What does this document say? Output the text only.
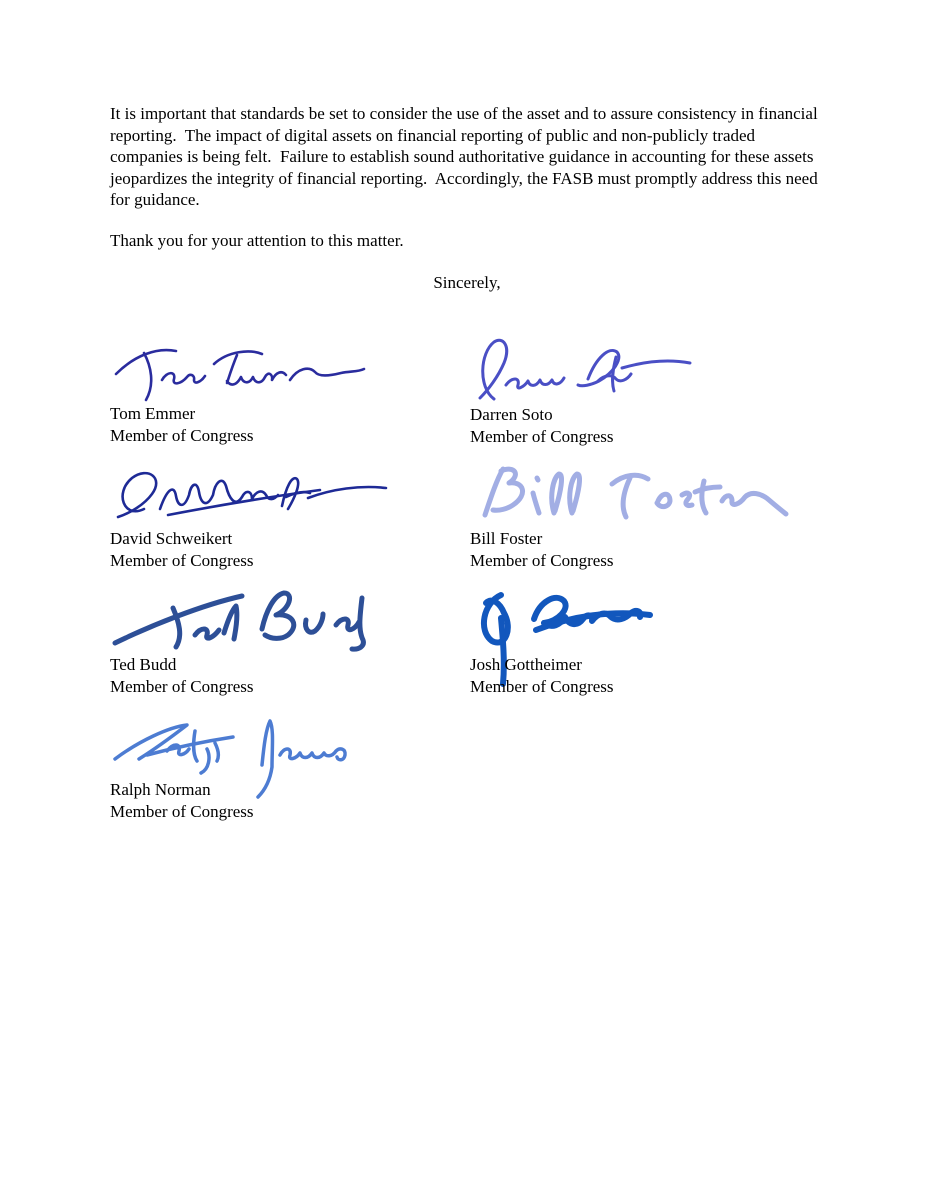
It is important that standards be set to consider the use of the asset and to assure consistency in financial reporting.  The impact of digital assets on financial reporting of public and non-publicly traded companies is being felt.  Failure to establish sound authoritative guidance in accounting for these assets jeopardizes the integrity of financial reporting.  Accordingly, the FASB must promptly address this need for guidance.
Thank you for your attention to this matter.
Sincerely,
Tom Emmer
Member of Congress
Darren Soto
Member of Congress
David Schweikert
Member of Congress
Bill Foster
Member of Congress
Ted Budd
Member of Congress
Josh Gottheimer
Member of Congress
Ralph Norman
Member of Congress
